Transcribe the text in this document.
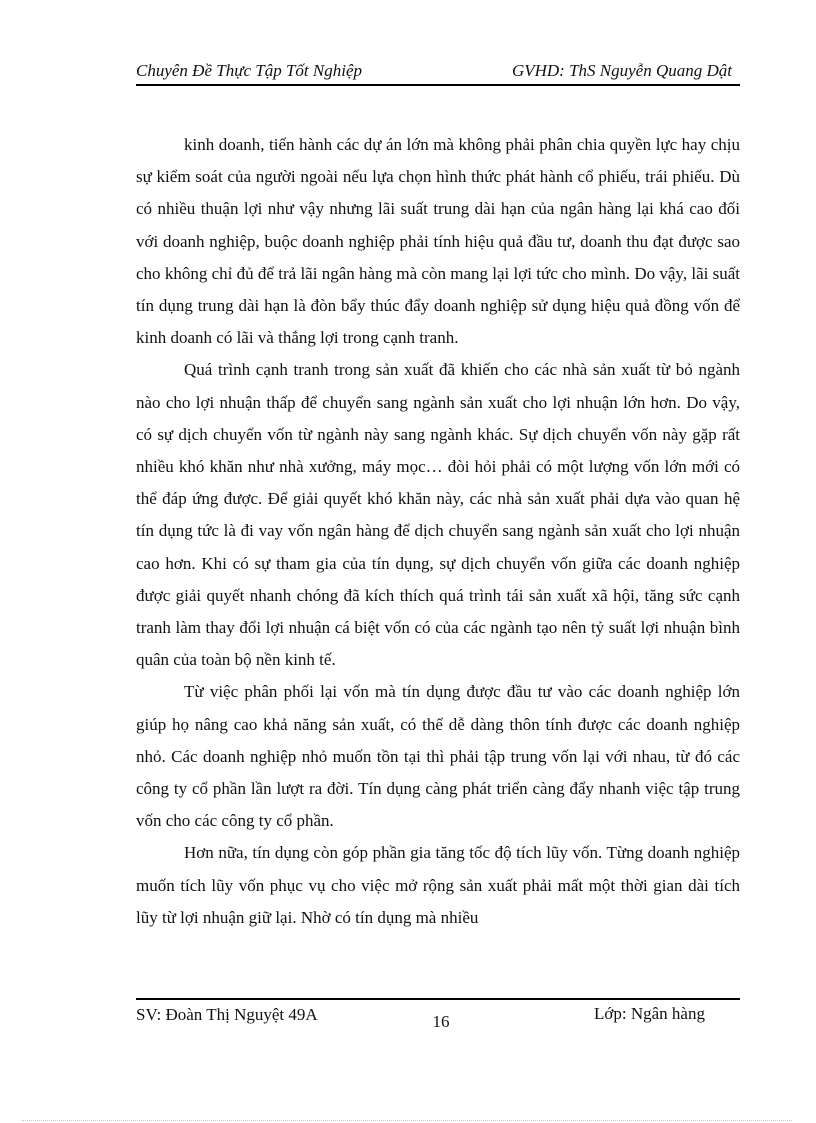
Chuyên Đề Thực Tập Tốt Nghiệp	GVHD: ThS Nguyễn Quang Dật

kinh doanh, tiến hành các dự án lớn mà không phải phân chia quyền lực hay chịu sự kiểm soát của người ngoài nếu lựa chọn hình thức phát hành cổ phiếu, trái phiếu. Dù có nhiều thuận lợi như vậy nhưng lãi suất trung dài hạn của ngân hàng lại khá cao đối với doanh nghiệp, buộc doanh nghiệp phải tính hiệu quả đầu tư, doanh thu đạt được sao cho không chỉ đủ để trả lãi ngân hàng mà còn mang lại lợi tức cho mình. Do vậy, lãi suất tín dụng trung dài hạn là đòn bẩy thúc đẩy doanh nghiệp sử dụng hiệu quả đồng vốn để kinh doanh có lãi và thắng lợi trong cạnh tranh.

Quá trình cạnh tranh trong sản xuất đã khiến cho các nhà sản xuất từ bỏ ngành nào cho lợi nhuận thấp để chuyển sang ngành sản xuất cho lợi nhuận lớn hơn. Do vậy, có sự dịch chuyển vốn từ ngành này sang ngành khác. Sự dịch chuyển vốn này gặp rất nhiều khó khăn như nhà xưởng, máy mọc… đòi hỏi phải có một lượng vốn lớn mới có thể đáp ứng được. Để giải quyết khó khăn này, các nhà sản xuất phải dựa vào quan hệ tín dụng tức là đi vay vốn ngân hàng để dịch chuyển sang ngành sản xuất cho lợi nhuận cao hơn. Khi có sự tham gia của tín dụng, sự dịch chuyển vốn giữa các doanh nghiệp được giải quyết nhanh chóng đã kích thích quá trình tái sản xuất xã hội, tăng sức cạnh tranh làm thay đổi lợi nhuận cá biệt vốn có của các ngành tạo nên tỷ suất lợi nhuận bình quân của toàn bộ nền kinh tế.

Từ việc phân phối lại vốn mà tín dụng được đầu tư vào các doanh nghiệp lớn giúp họ nâng cao khả năng sản xuất, có thể dễ dàng thôn tính được các doanh nghiệp nhỏ. Các doanh nghiệp nhỏ muốn tồn tại thì phải tập trung vốn lại với nhau, từ đó các công ty cổ phần lần lượt ra đời. Tín dụng càng phát triển càng đẩy nhanh việc tập trung vốn cho các công ty cổ phần.

Hơn nữa, tín dụng còn góp phần gia tăng tốc độ tích lũy vốn. Từng doanh nghiệp muốn tích lũy vốn phục vụ cho việc mở rộng sản xuất phải mất một thời gian dài tích lũy từ lợi nhuận giữ lại. Nhờ có tín dụng mà nhiều

SV: Đoàn Thị Nguyệt 49A	16	Lớp: Ngân hàng
